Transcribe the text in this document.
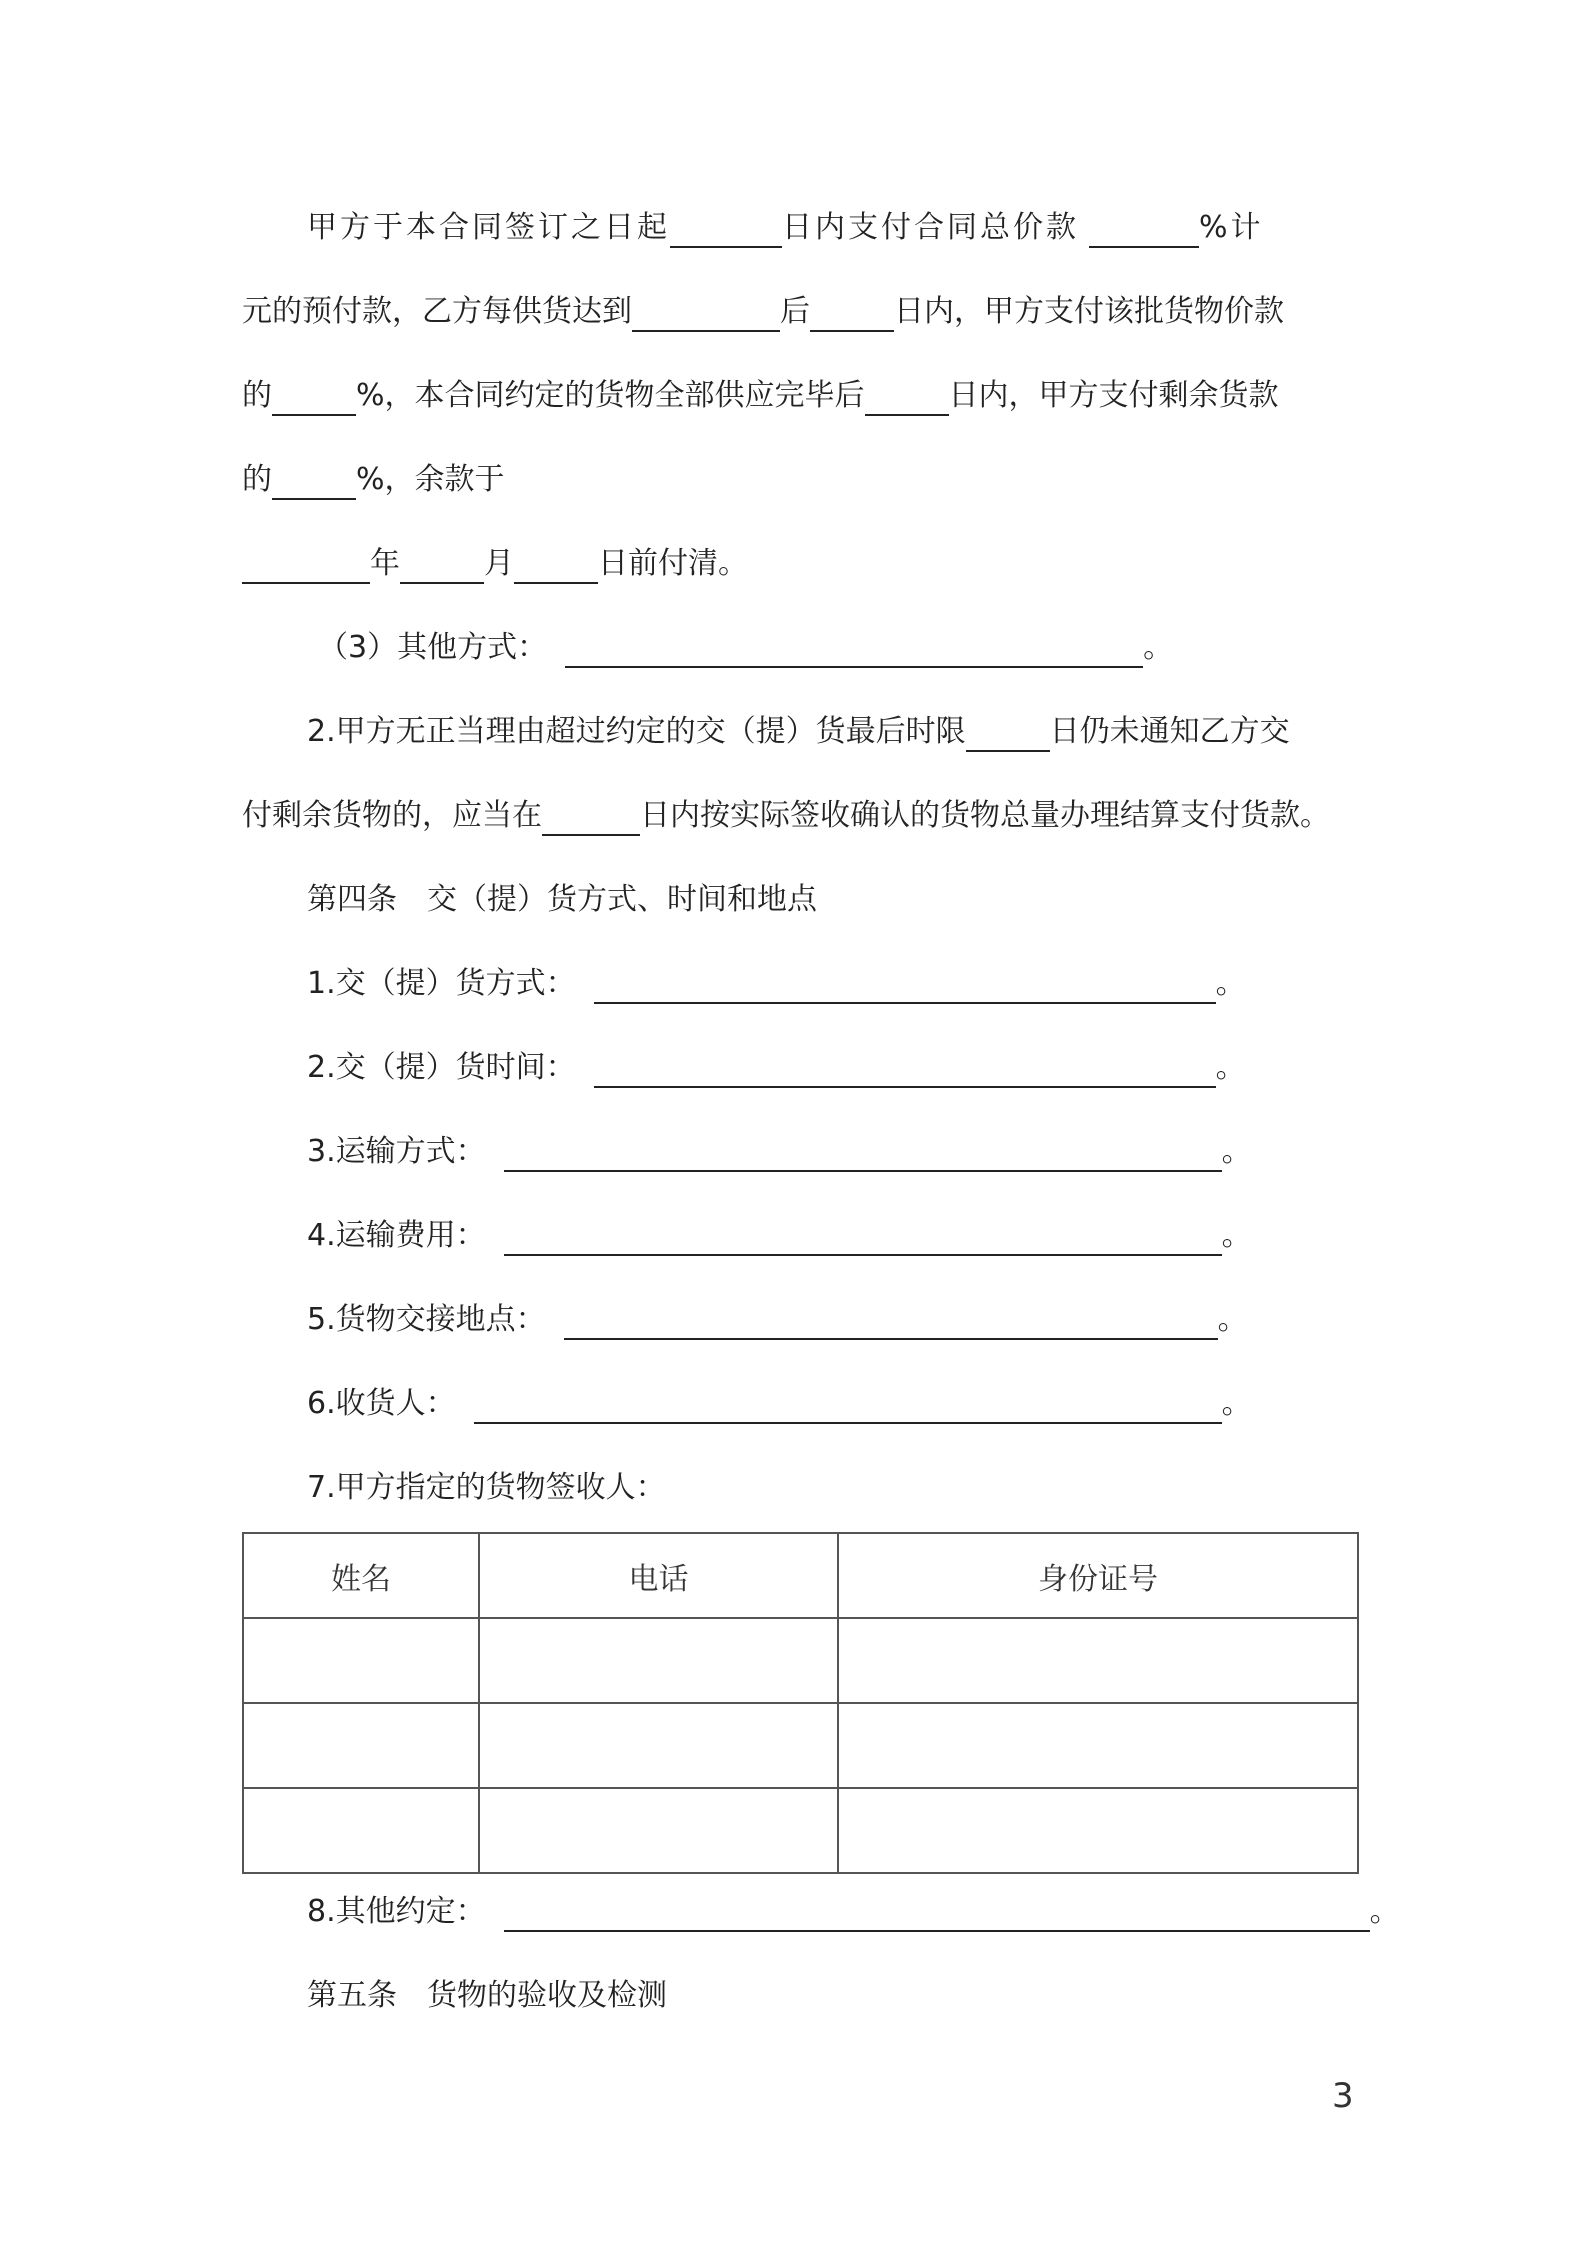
甲方于本合同签订之日起	日内支付合同总价款	%计
元的预付款，乙方每供货达到	后	日内，甲方支付该批货物价款
的	%，本合同约定的货物全部供应完毕后	日内，甲方支付剩余货款
的	%，余款于
年	月	日前付清。
（3）其他方式：	。
2.甲方无正当理由超过约定的交（提）货最后时限	日仍未通知乙方交
付剩余货物的，应当在	日内按实际签收确认的货物总量办理结算支付货款。
第四条 交（提）货方式、时间和地点
1.交（提）货方式：	。
2.交（提）货时间：	。
3.运输方式：	。
4.运输费用：	。
5.货物交接地点：	。
6.收货人：	。
7.甲方指定的货物签收人：
姓名	电话	身份证号

8.其他约定：	。
第五条 货物的验收及检测
3
